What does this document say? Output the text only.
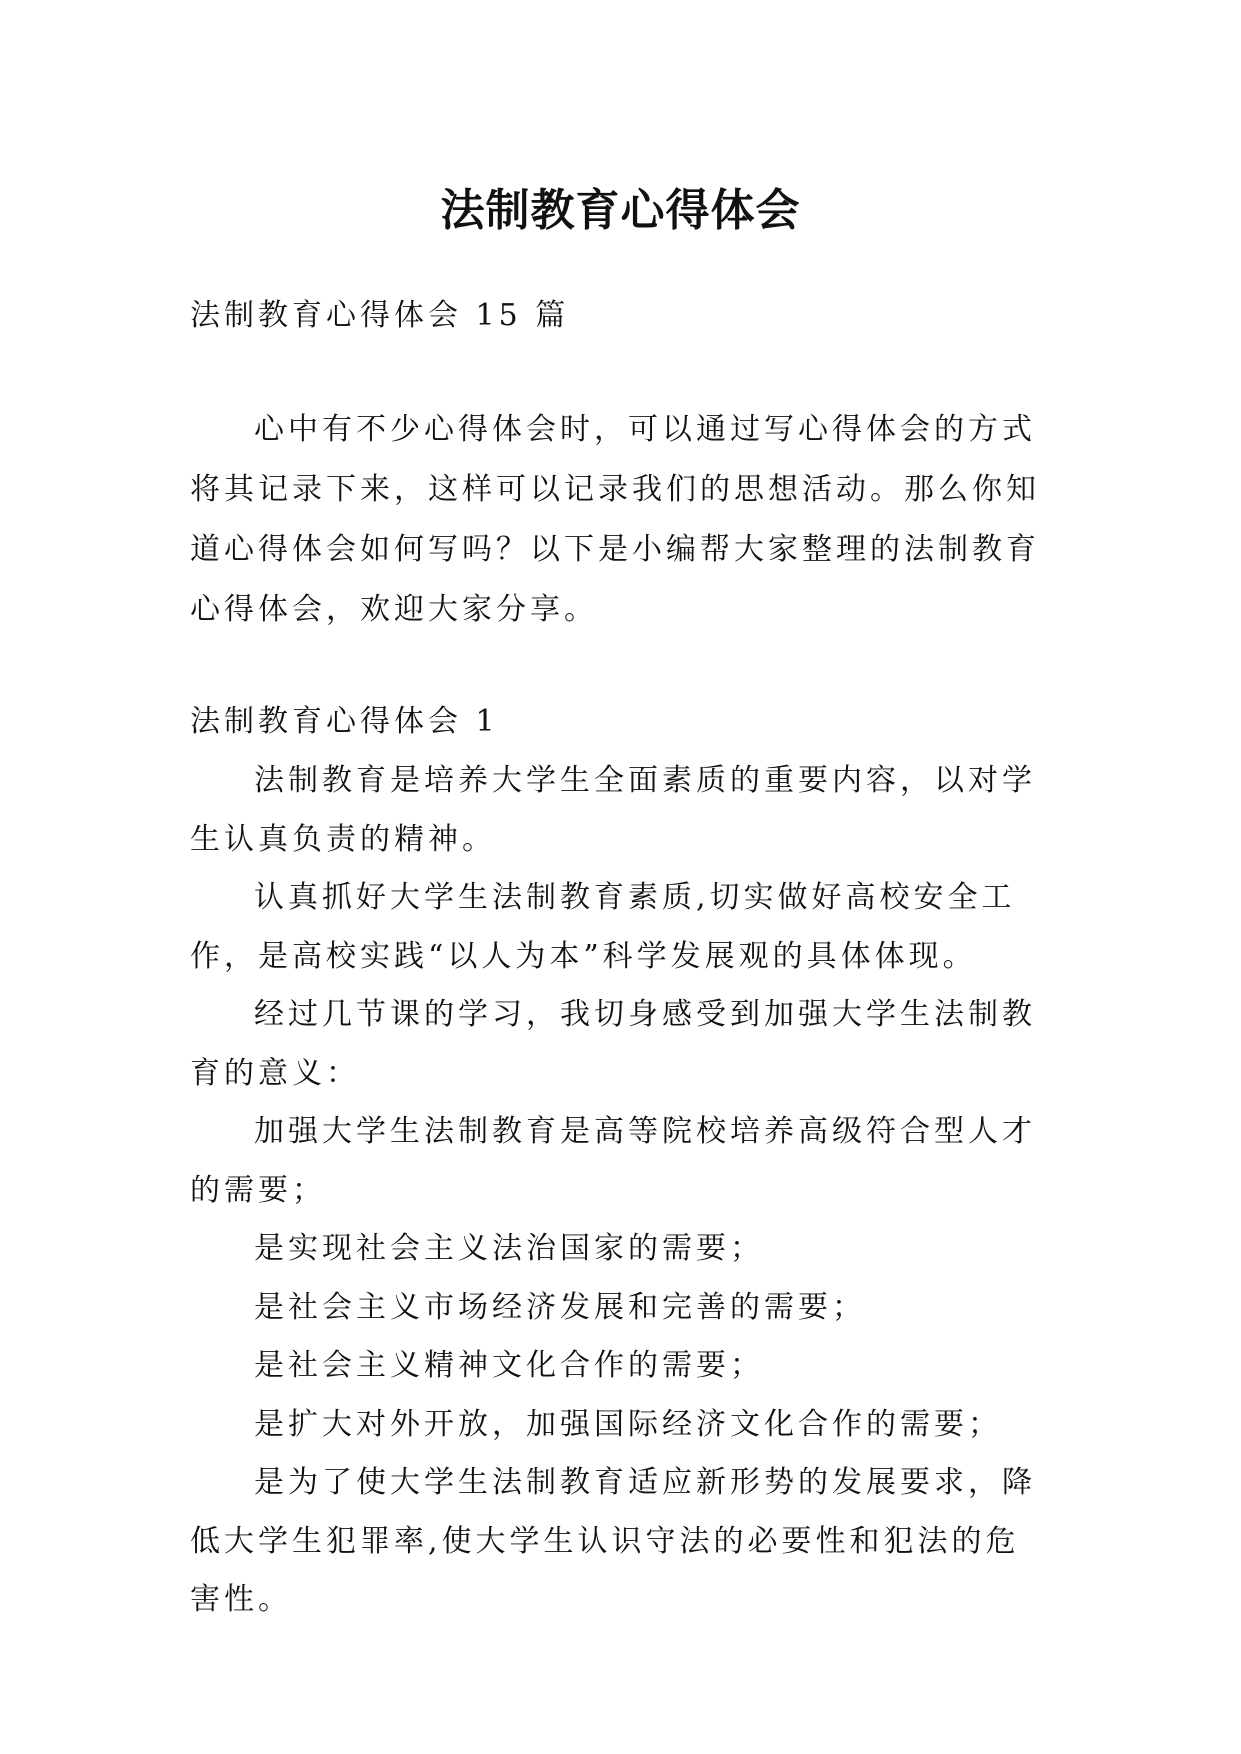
法制教育心得体会

法制教育心得体会 15 篇

心中有不少心得体会时，可以通过写心得体会的方式将其记录下来，这样可以记录我们的思想活动。那么你知道心得体会如何写吗？以下是小编帮大家整理的法制教育心得体会，欢迎大家分享。

法制教育心得体会 1

法制教育是培养大学生全面素质的重要内容，以对学生认真负责的精神。

认真抓好大学生法制教育素质,切实做好高校安全工作，是高校实践“以人为本”科学发展观的具体体现。

经过几节课的学习，我切身感受到加强大学生法制教育的意义：

加强大学生法制教育是高等院校培养高级符合型人才的需要；

是实现社会主义法治国家的需要；

是社会主义市场经济发展和完善的需要；

是社会主义精神文化合作的需要；

是扩大对外开放，加强国际经济文化合作的需要；

是为了使大学生法制教育适应新形势的发展要求，降低大学生犯罪率,使大学生认识守法的必要性和犯法的危害性。
